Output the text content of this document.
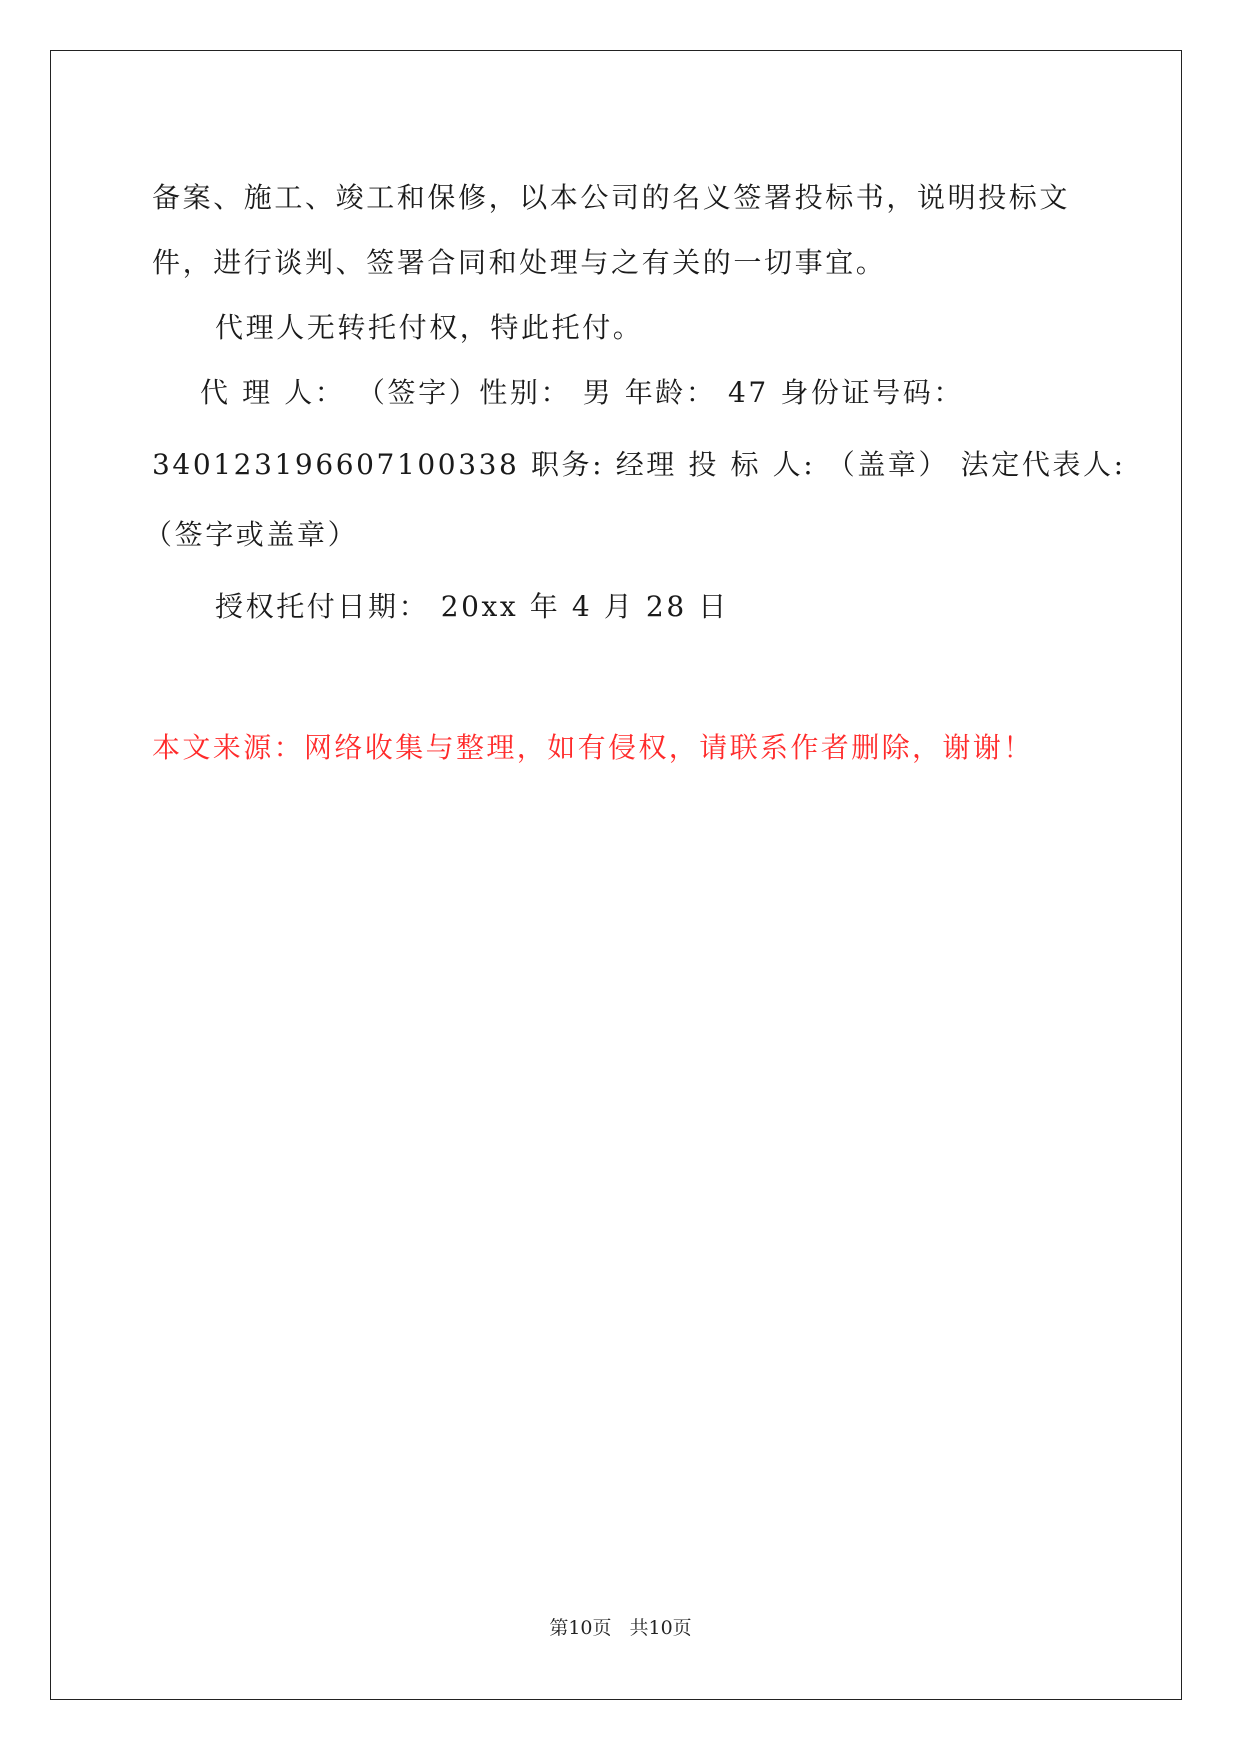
备案、施工、竣工和保修，以本公司的名义签署投标书，说明投标文
件，进行谈判、签署合同和处理与之有关的一切事宜。
代理人无转托付权，特此托付。
代 理 人： （签字）性别： 男 年龄： 47 身份证号码：
340123196607100338 职务: 经理 投 标 人: （盖章） 法定代表人:
（签字或盖章）
授权托付日期： 20xx 年 4 月 28 日
本文来源：网络收集与整理，如有侵权，请联系作者删除，谢谢！
第10页 共10页
